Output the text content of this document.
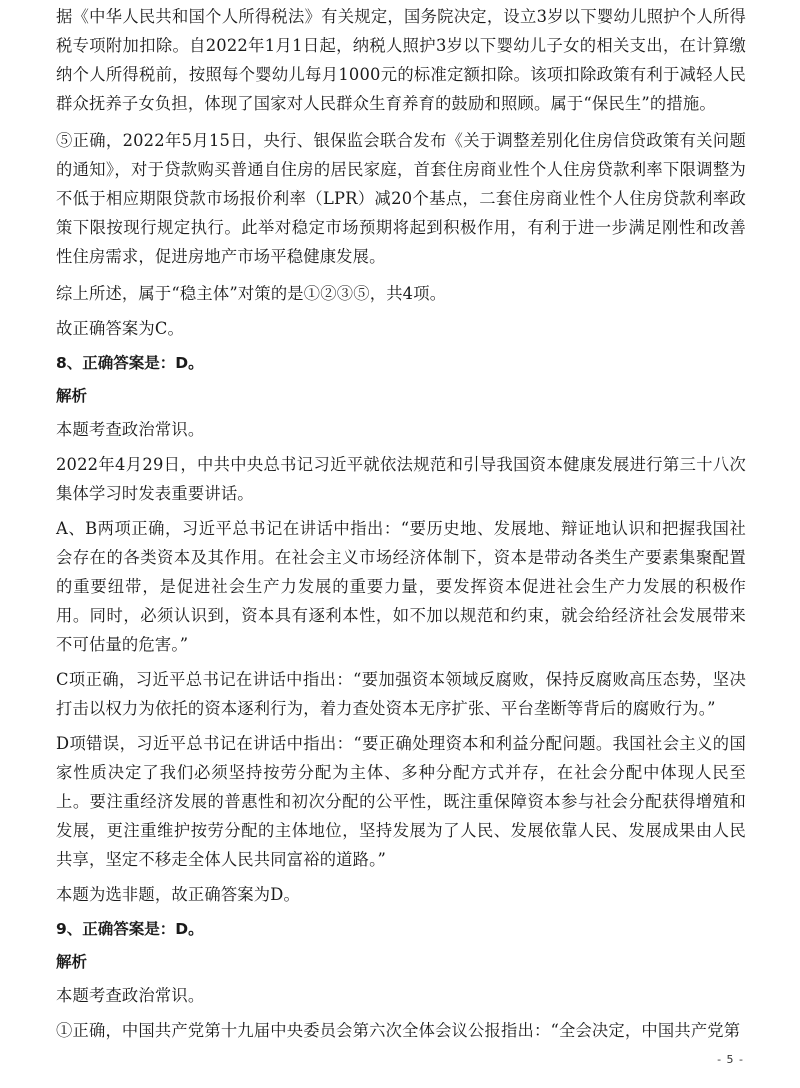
据《中华人民共和国个人所得税法》有关规定，国务院决定，设立3岁以下婴幼儿照护个人所得税专项附加扣除。自2022年1月1日起，纳税人照护3岁以下婴幼儿子女的相关支出，在计算缴纳个人所得税前，按照每个婴幼儿每月1000元的标准定额扣除。该项扣除政策有利于减轻人民群众抚养子女负担，体现了国家对人民群众生育养育的鼓励和照顾。属于“保民生”的措施。

⑤正确，2022年5月15日，央行、银保监会联合发布《关于调整差别化住房信贷政策有关问题的通知》，对于贷款购买普通自住房的居民家庭，首套住房商业性个人住房贷款利率下限调整为不低于相应期限贷款市场报价利率（LPR）减20个基点，二套住房商业性个人住房贷款利率政策下限按现行规定执行。此举对稳定市场预期将起到积极作用，有利于进一步满足刚性和改善性住房需求，促进房地产市场平稳健康发展。

综上所述，属于“稳主体”对策的是①②③⑤，共4项。

故正确答案为C。

8、正确答案是：D。
解析

本题考查政治常识。

2022年4月29日，中共中央总书记习近平就依法规范和引导我国资本健康发展进行第三十八次集体学习时发表重要讲话。

A、B两项正确，习近平总书记在讲话中指出：“要历史地、发展地、辩证地认识和把握我国社会存在的各类资本及其作用。在社会主义市场经济体制下，资本是带动各类生产要素集聚配置的重要纽带，是促进社会生产力发展的重要力量，要发挥资本促进社会生产力发展的积极作用。同时，必须认识到，资本具有逐利本性，如不加以规范和约束，就会给经济社会发展带来不可估量的危害。”

C项正确，习近平总书记在讲话中指出：“要加强资本领域反腐败，保持反腐败高压态势，坚决打击以权力为依托的资本逐利行为，着力查处资本无序扩张、平台垄断等背后的腐败行为。”

D项错误，习近平总书记在讲话中指出：“要正确处理资本和利益分配问题。我国社会主义的国家性质决定了我们必须坚持按劳分配为主体、多种分配方式并存，在社会分配中体现人民至上。要注重经济发展的普惠性和初次分配的公平性，既注重保障资本参与社会分配获得增殖和发展，更注重维护按劳分配的主体地位，坚持发展为了人民、发展依靠人民、发展成果由人民共享，坚定不移走全体人民共同富裕的道路。”

本题为选非题，故正确答案为D。

9、正确答案是：D。
解析

本题考查政治常识。

①正确，中国共产党第十九届中央委员会第六次全体会议公报指出：“全会决定，中国共产党第

- 5 -
